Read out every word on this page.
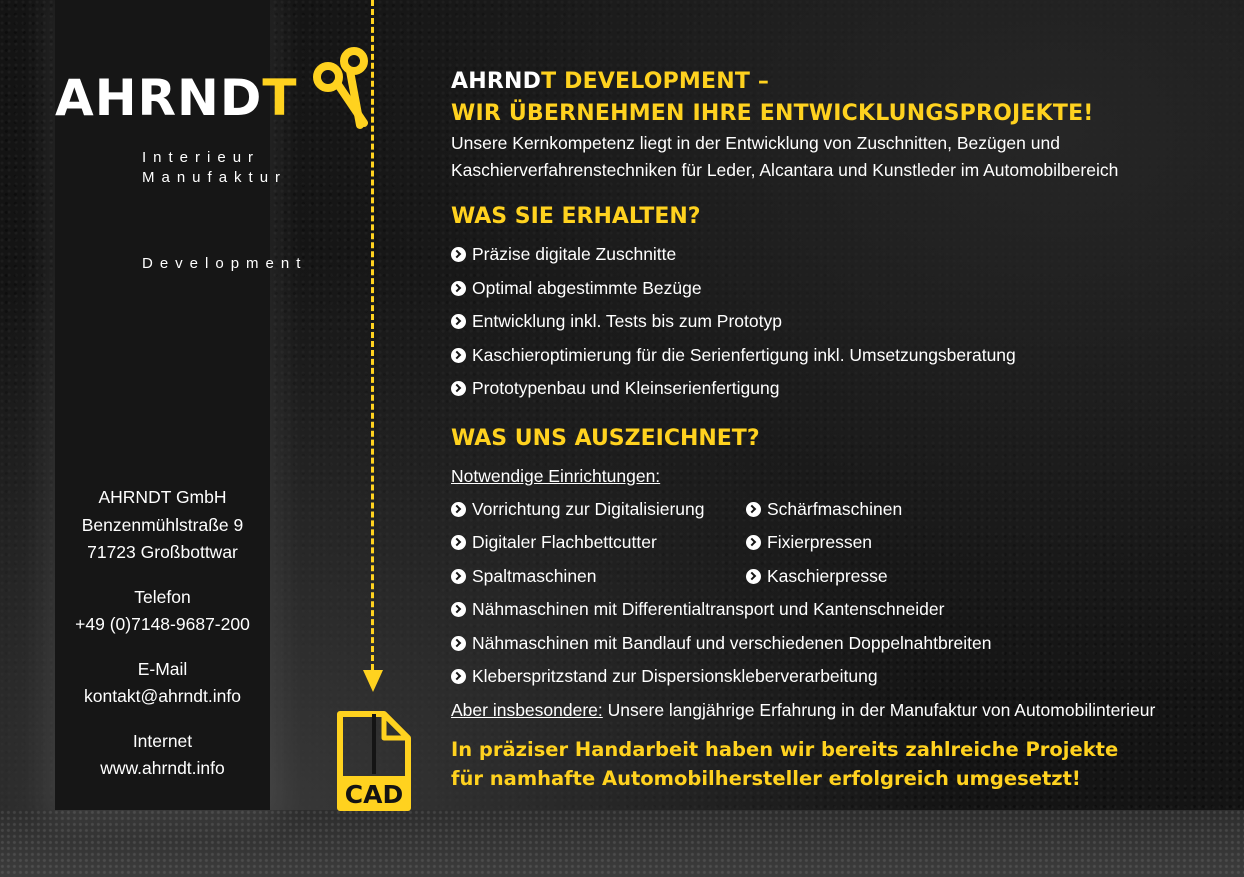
AHRNDT
Interieur
Manufaktur
Development
AHRNDT GmbH
Benzenmühlstraße 9
71723 Großbottwar
Telefon
+49 (0)7148-9687-200
E-Mail
kontakt@ahrndt.info
Internet
www.ahrndt.info
CAD
AHRNDT DEVELOPMENT –
WIR ÜBERNEHMEN IHRE ENTWICKLUNGSPROJEKTE!

Unsere Kernkompetenz liegt in der Entwicklung von Zuschnitten, Bezügen und
Kaschierverfahrenstechniken für Leder, Alcantara und Kunstleder im Automobilbereich

WAS SIE ERHALTEN?
Präzise digitale Zuschnitte
Optimal abgestimmte Bezüge
Entwicklung inkl. Tests bis zum Prototyp
Kaschieroptimierung für die Serienfertigung inkl. Umsetzungsberatung
Prototypenbau und Kleinserienfertigung
WAS UNS AUSZEICHNET?
Notwendige Einrichtungen:
Vorrichtung zur Digitalisierung	Schärfmaschinen
Digitaler Flachbettcutter	Fixierpressen
Spaltmaschinen	Kaschierpresse
Nähmaschinen mit Differentialtransport und Kantenschneider
Nähmaschinen mit Bandlauf und verschiedenen Doppelnahtbreiten
Kleberspritzstand zur Dispersionskleberverarbeitung
Aber insbesondere: Unsere langjährige Erfahrung in der Manufaktur von Automobilinterieur
In präziser Handarbeit haben wir bereits zahlreiche Projekte
für namhafte Automobilhersteller erfolgreich umgesetzt!
